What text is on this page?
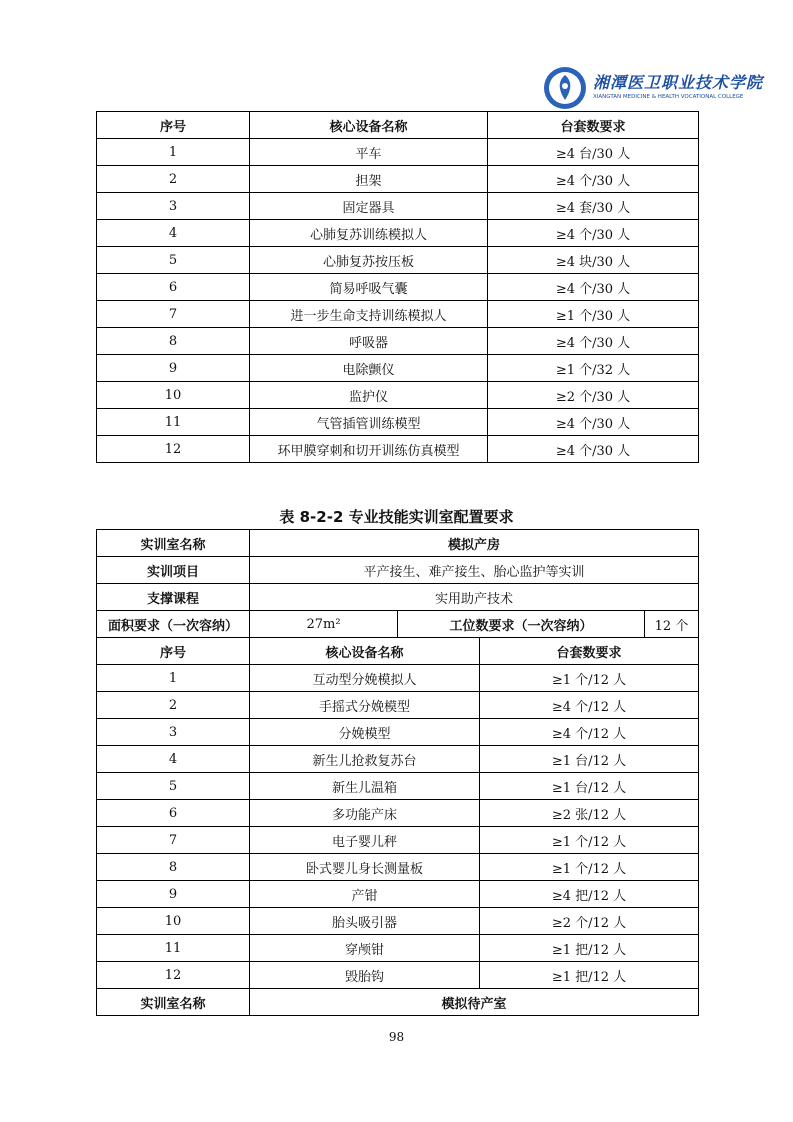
湘潭医卫职业技术学院
XIANGTAN MEDICINE & HEALTH VOCATIONAL COLLEGE
序号	核心设备名称	台套数要求
1	平车	≥4 台/30 人
2	担架	≥4 个/30 人
3	固定器具	≥4 套/30 人
4	心肺复苏训练模拟人	≥4 个/30 人
5	心肺复苏按压板	≥4 块/30 人
6	简易呼吸气囊	≥4 个/30 人
7	进一步生命支持训练模拟人	≥1 个/30 人
8	呼吸器	≥4 个/30 人
9	电除颤仪	≥1 个/32 人
10	监护仪	≥2 个/30 人
11	气管插管训练模型	≥4 个/30 人
12	环甲膜穿刺和切开训练仿真模型	≥4 个/30 人
表 8-2-2 专业技能实训室配置要求
实训室名称	模拟产房			
实训项目	平产接生、难产接生、胎心监护等实训			
支撑课程	实用助产技术			
面积要求（一次容纳）	27m²	工位数要求（一次容纳）		12 个
序号	核心设备名称		台套数要求	
1	互动型分娩模拟人		≥1 个/12 人	
2	手摇式分娩模型		≥4 个/12 人	
3	分娩模型		≥4 个/12 人	
4	新生儿抢救复苏台		≥1 台/12 人	
5	新生儿温箱		≥1 台/12 人	
6	多功能产床		≥2 张/12 人	
7	电子婴儿秤		≥1 个/12 人	
8	卧式婴儿身长测量板		≥1 个/12 人	
9	产钳		≥4 把/12 人	
10	胎头吸引器		≥2 个/12 人	
11	穿颅钳		≥1 把/12 人	
12	毁胎钩		≥1 把/12 人	
实训室名称	模拟待产室			
98
